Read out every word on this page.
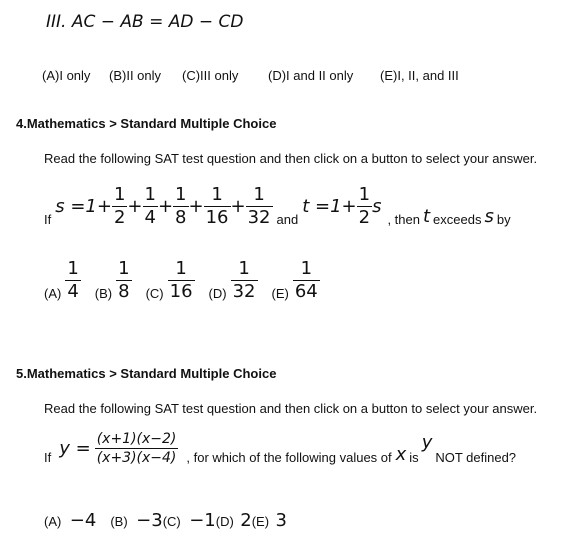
III. AC − AB = AD − CD
(A)I only (B)II only (C)III only (D)I and II only (E)I, II, and III
4.Mathematics > Standard Multiple Choice
Read the following SAT test question and then click on a button to select your answer.
If
$s =1+ \frac{1}{2} + \frac{1}{4} + \frac{1}{8} + \frac{1}{16} + \frac{1}{32}$ and
$t =1+ \frac{1}{2}$ s
, then t exceeds s by
$(A) \frac{1}{4} (B) \frac{1}{8} (C) \frac{1}{16} (D) \frac{1}{32} (E) \frac{1}{64}$
5.Mathematics > Standard Multiple Choice
Read the following SAT test question and then click on a button to select your answer.
If $y = \frac{(x+1)(x-2)}{(x+3)(x-4)}$ , for which of the following values of x is
y
NOT defined?
(A) −4	(B) −3 (C) −1 (D) 2 (E) 3
